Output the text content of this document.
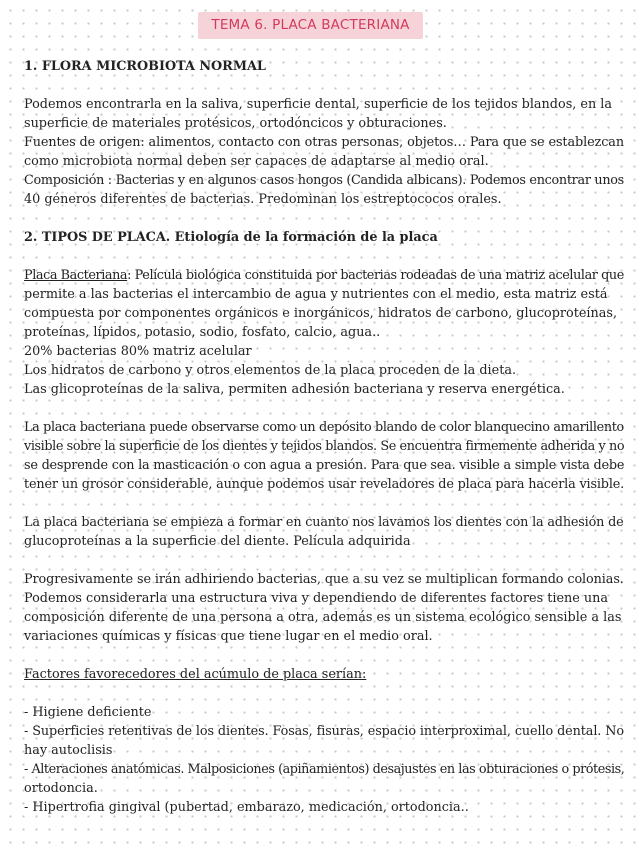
TEMA 6. PLACA BACTERIANA
1. FLORA MICROBIOTA NORMAL
Podemos encontrarla en la saliva, superficie dental, superficie de los tejidos blandos, en la
superficie de materiales protésicos, ortodóncicos y obturaciones.
Fuentes de origen: alimentos, contacto con otras personas, objetos… Para que se establezcan
como microbiota normal deben ser capaces de adaptarse al medio oral.
Composición : Bacterias y en algunos casos hongos (Candida albicans). Podemos encontrar unos
40 géneros diferentes de bacterias. Predominan los estreptococos orales.
2. TIPOS DE PLACA. Etiología de la formación de la placa
Placa Bacteriana: Película biológica constituida por bacterias rodeadas de una matriz acelular que
permite a las bacterias el intercambio de agua y nutrientes con el medio, esta matriz está
compuesta por componentes orgánicos e inorgánicos, hidratos de carbono, glucoproteínas,
proteínas, lípidos, potasio, sodio, fosfato, calcio, agua..
20% bacterias 80% matriz acelular
Los hidratos de carbono y otros elementos de la placa proceden de la dieta.
Las glicoproteínas de la saliva, permiten adhesión bacteriana y reserva energética.
La placa bacteriana puede observarse como un depósito blando de color blanquecino amarillento
visible sobre la superficie de los dientes y tejidos blandos. Se encuentra firmemente adherida y no
se desprende con la masticación o con agua a presión. Para que sea. visible a simple vista debe
tener un grosor considerable, aunque podemos usar reveladores de placa para hacerla visible.
La placa bacteriana se empieza a formar en cuanto nos lavamos los dientes con la adhesión de
glucoproteínas a la superficie del diente. Película adquirida
Progresivamente se irán adhiriendo bacterias, que a su vez se multiplican formando colonias.
Podemos considerarla una estructura viva y dependiendo de diferentes factores tiene una
composición diferente de una persona a otra, además es un sistema ecológico sensible a las
variaciones químicas y físicas que tiene lugar en el medio oral.
Factores favorecedores del acúmulo de placa serían:
- Higiene deficiente
- Superficies retentivas de los dientes. Fosas, fisuras, espacio interproximal, cuello dental. No
hay autoclisis
- Alteraciones anatómicas. Malposiciones (apiñamientos) desajustes en las obturaciones o prótesis,
ortodoncia.
- Hipertrofia gingival (pubertad, embarazo, medicación, ortodoncia..
